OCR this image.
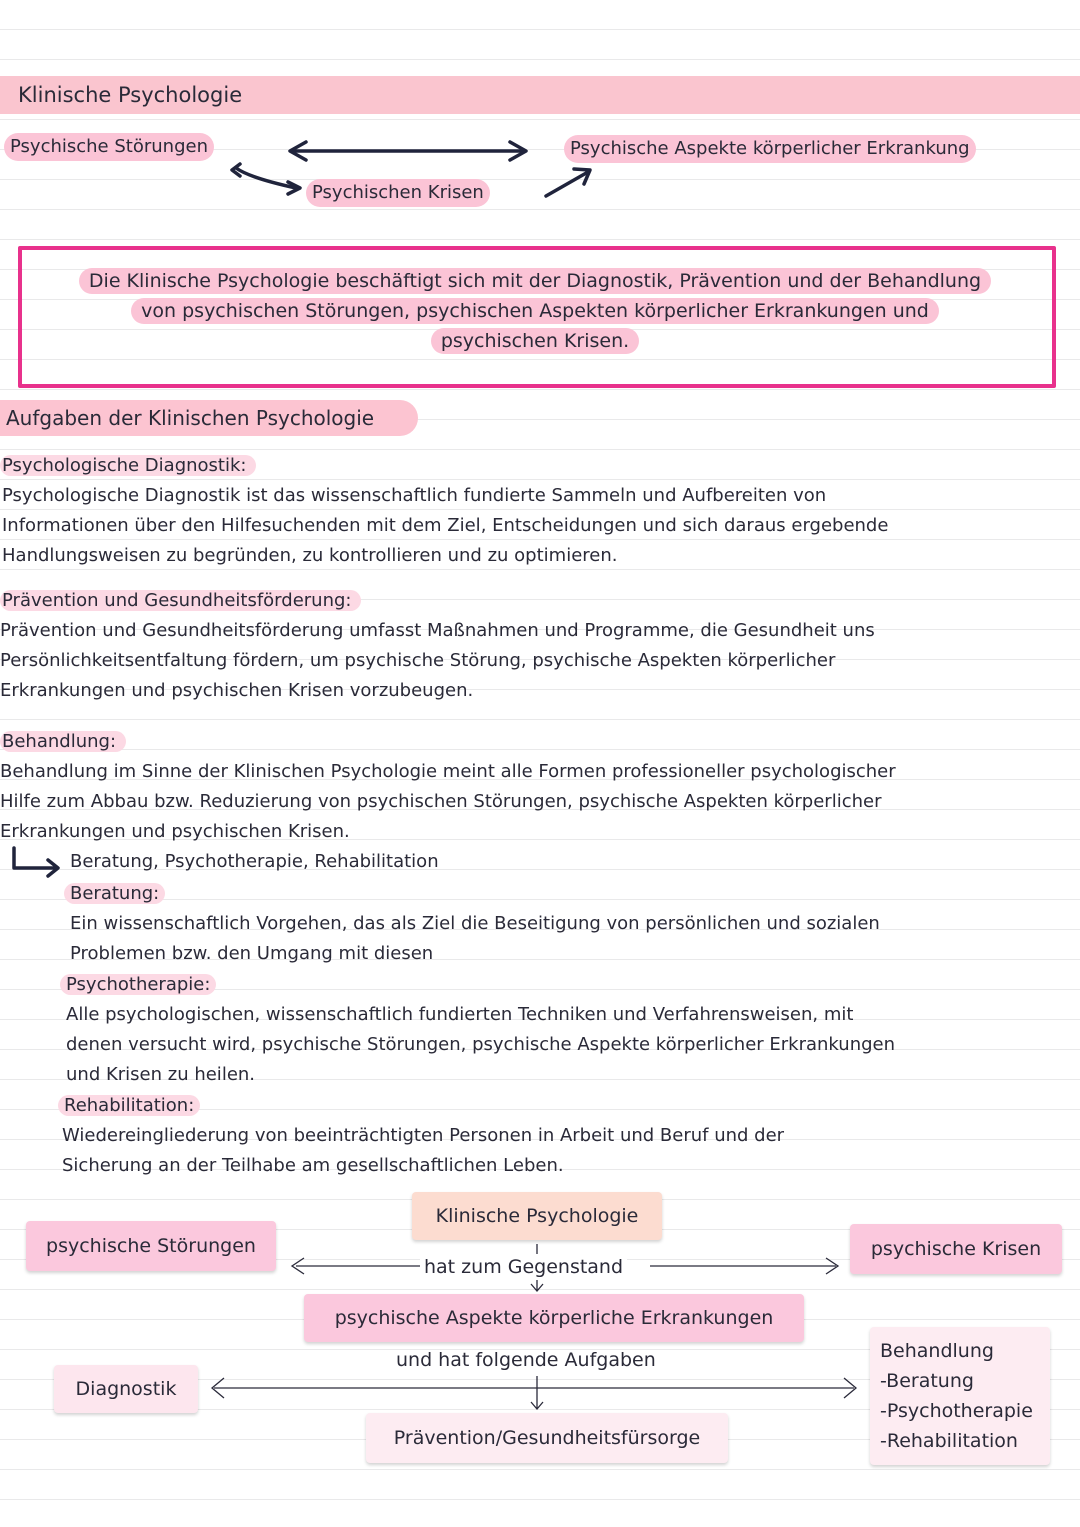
Klinische Psychologie
Psychische Störungen	Psychische Aspekte körperlicher Erkrankung
Psychischen Krisen
Die Klinische Psychologie beschäftigt sich mit der Diagnostik, Prävention und der Behandlung
von psychischen Störungen, psychischen Aspekten körperlicher Erkrankungen und
psychischen Krisen.
Aufgaben der Klinischen Psychologie
Psychologische Diagnostik:
Psychologische Diagnostik ist das wissenschaftlich fundierte Sammeln und Aufbereiten von
Informationen über den Hilfesuchenden mit dem Ziel, Entscheidungen und sich daraus ergebende
Handlungsweisen zu begründen, zu kontrollieren und zu optimieren.
Prävention und Gesundheitsförderung:
Prävention und Gesundheitsförderung umfasst Maßnahmen und Programme, die Gesundheit uns
Persönlichkeitsentfaltung fördern, um psychische Störung, psychische Aspekten körperlicher
Erkrankungen und psychischen Krisen vorzubeugen.
Behandlung:
Behandlung im Sinne der Klinischen Psychologie meint alle Formen professioneller psychologischer
Hilfe zum Abbau bzw. Reduzierung von psychischen Störungen, psychische Aspekten körperlicher
Erkrankungen und psychischen Krisen.
Beratung, Psychotherapie, Rehabilitation
Beratung:
Ein wissenschaftlich Vorgehen, das als Ziel die Beseitigung von persönlichen und sozialen
Problemen bzw. den Umgang mit diesen
Psychotherapie:
Alle psychologischen, wissenschaftlich fundierten Techniken und Verfahrensweisen, mit
denen versucht wird, psychische Störungen, psychische Aspekte körperlicher Erkrankungen
und Krisen zu heilen.
Rehabilitation:
Wiedereingliederung von beeinträchtigten Personen in Arbeit und Beruf und der
Sicherung an der Teilhabe am gesellschaftlichen Leben.
Klinische Psychologie
psychische Störungen	psychische Krisen
hat zum Gegenstand
psychische Aspekte körperliche Erkrankungen
und hat folgende Aufgaben
Diagnostik
Prävention/Gesundheitsfürsorge
Behandlung
-Beratung
-Psychotherapie
-Rehabilitation
